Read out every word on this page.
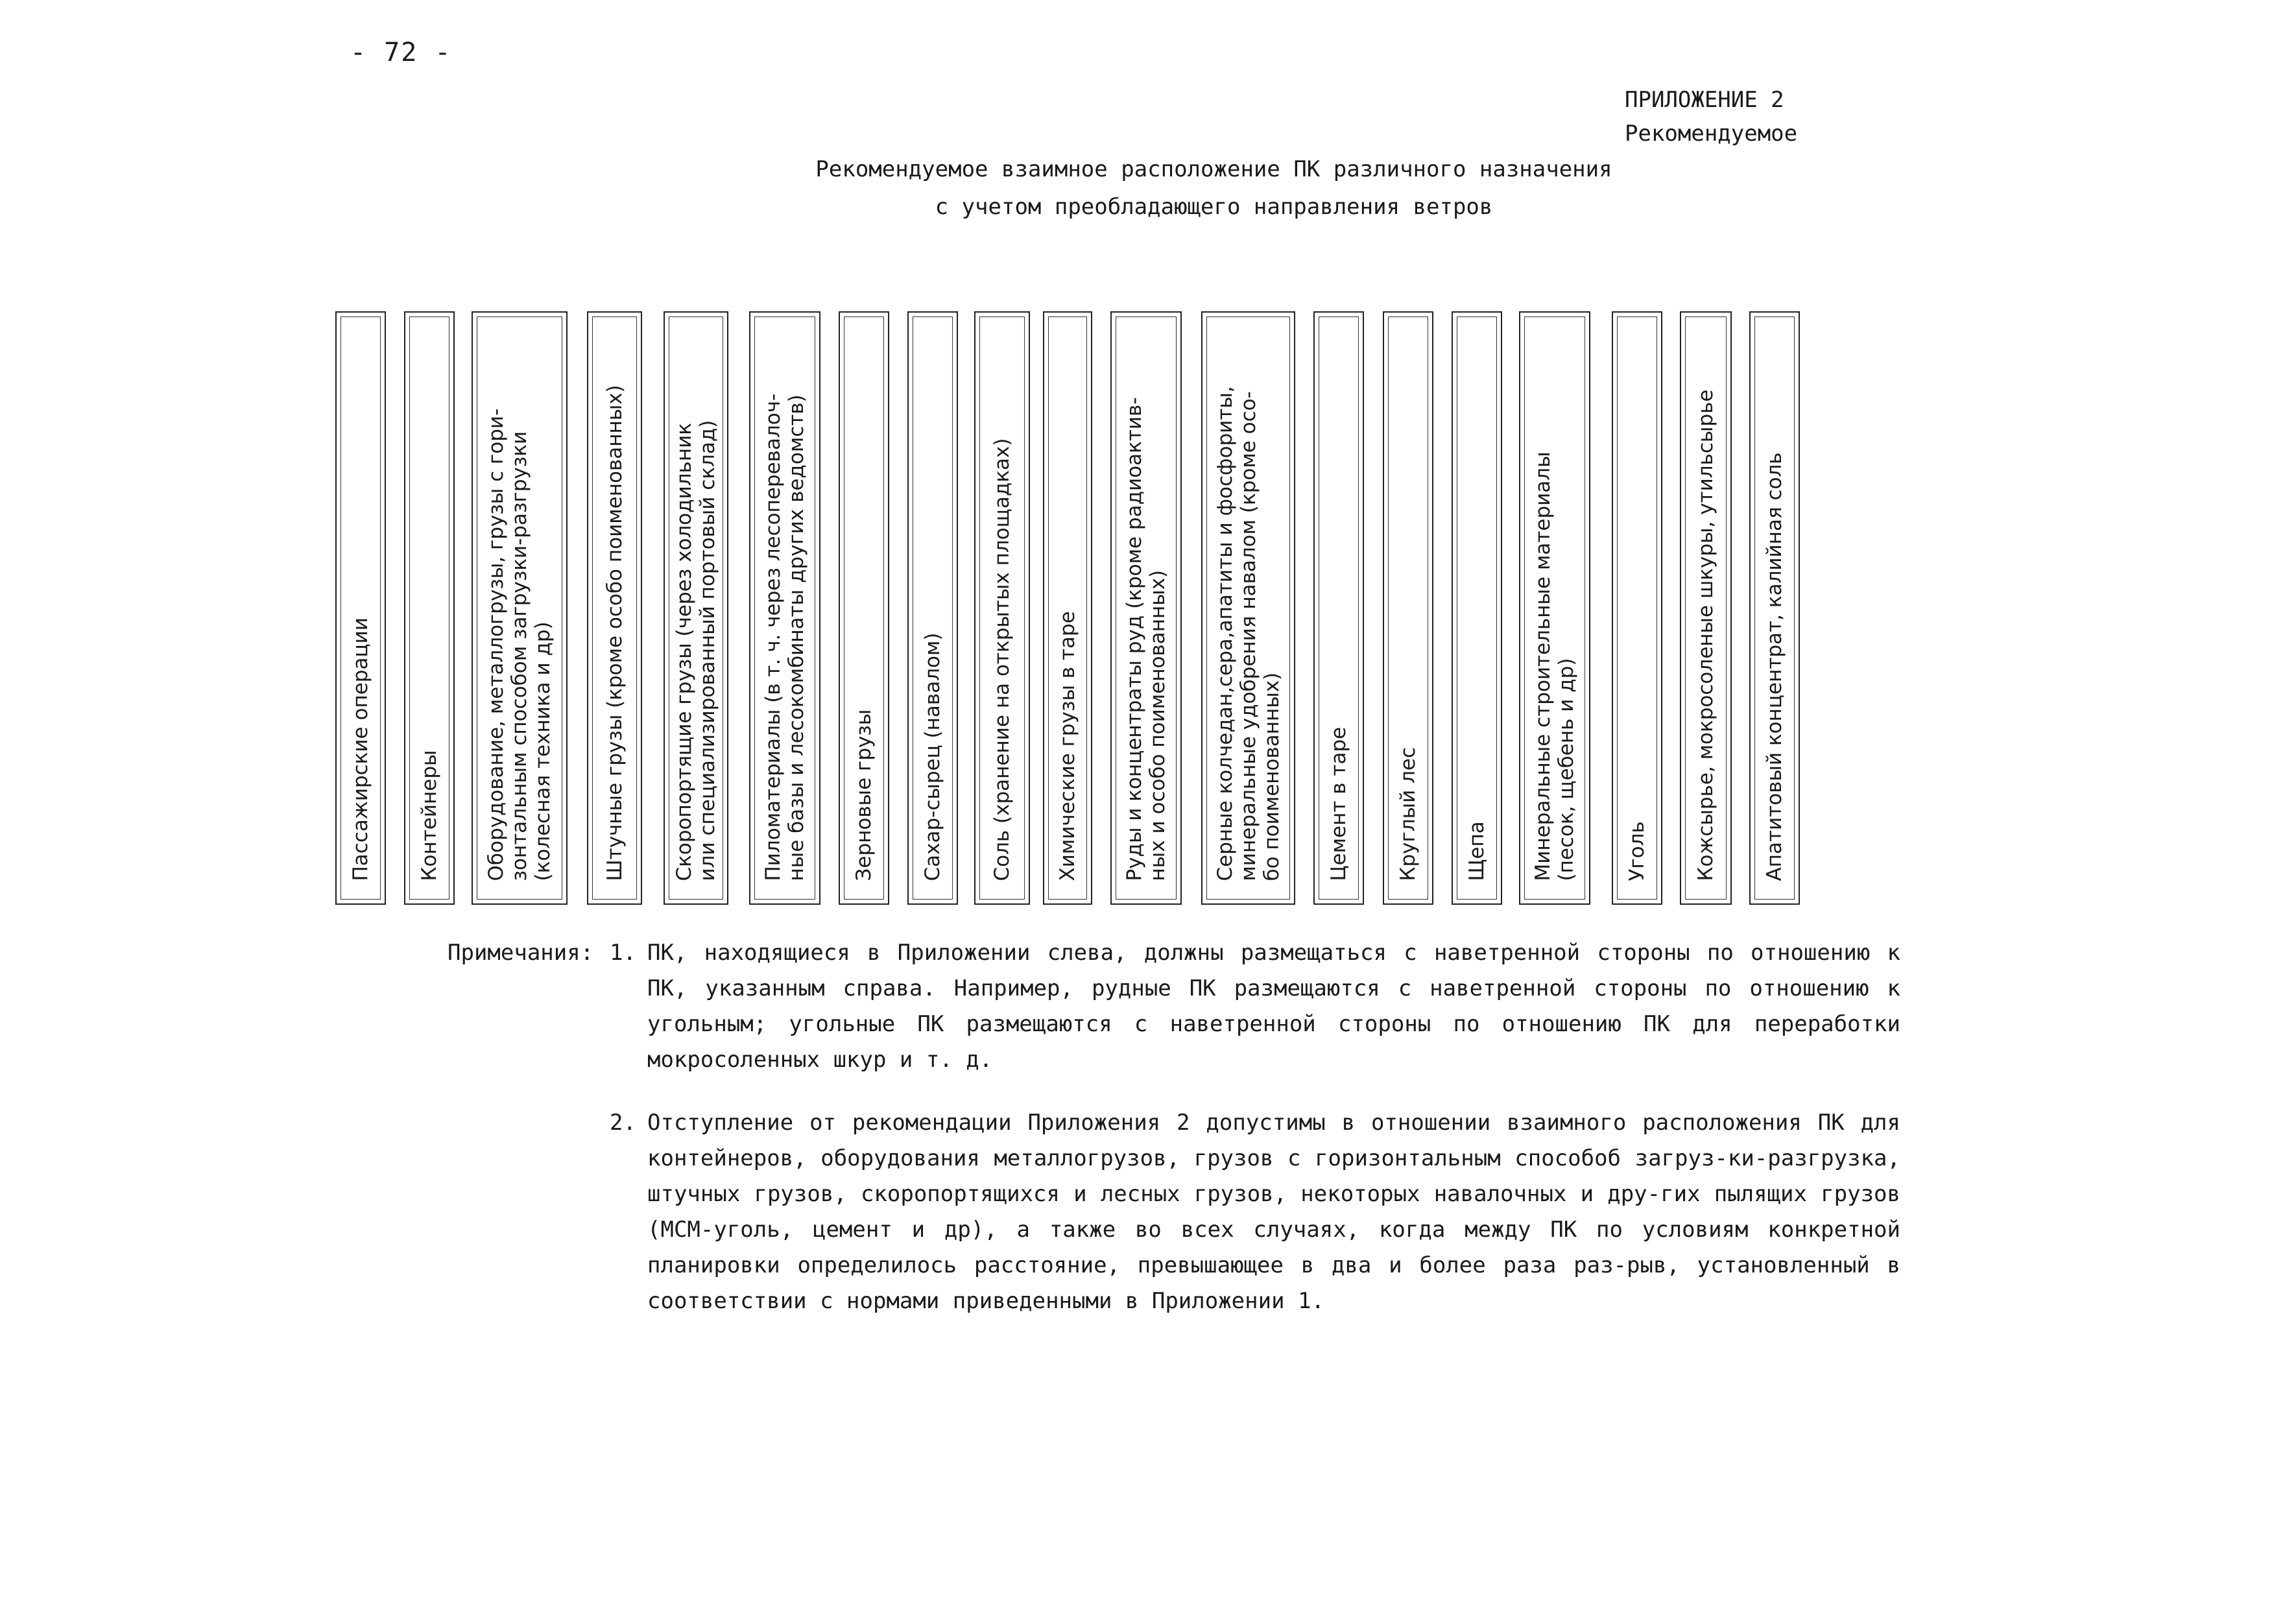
- 72 -
ПРИЛОЖЕНИЕ 2
Рекомендуемое
Рекомендуемое взаимное расположение ПК различного назначения
с учетом преобладающего направления ветров
Пассажирские операции Контейнеры Оборудование, металлогрузы, грузы с гори-
зонтальным способом загрузки-разгрузки
(колесная техника и др) Штучные грузы (кроме особо поименованных) Скоропортящие грузы (через холодильник
или специализированный портовый склад)
Пиломатериалы (в т. ч. через лесоперевалоч-
ные базы и лесокомбинаты других ведомств)
Зерновые грузы Сахар-сырец (навалом) Соль (хранение на открытых площадках) Химические грузы в таре Руды и концентраты руд (кроме радиоактив-
ных и особо поименованных)
Серные колчедан,сера,апатиты и фосфориты,
минеральные удобрения навалом (кроме осо-
бо поименованных) Цемент в таре Круглый лес Щепа Минеральные строительные материалы
(песок, щебень и др)
Уголь Кожсырье, мокросоленые шкуры, утильсырье Апатитовый концентрат, калийная соль
Примечания: 1. ПК, находящиеся в Приложении слева, должны размещаться с наветренной стороны по отношению к ПК, указанным справа. Например, рудные ПК размещаются с наветренной стороны по отношению к угольным; угольные ПК размещаются с наветренной стороны по отношению ПК для переработки мокросоленных шкур и т. д.
2. Отступление от рекомендации Приложения 2 допустимы в отношении взаимного расположения ПК для контейнеров, оборудования металлогрузов, грузов с горизонтальным способоб загруз-ки-разгрузка, штучных грузов, скоропортящихся и лесных грузов, некоторых навалочных и дру-гих пылящих грузов (МСМ-уголь, цемент и др), а также во всех случаях, когда между ПК по условиям конкретной планировки определилось расстояние, превышающее в два и более раза раз-рыв, установленный в соответствии с нормами приведенными в Приложении 1.
